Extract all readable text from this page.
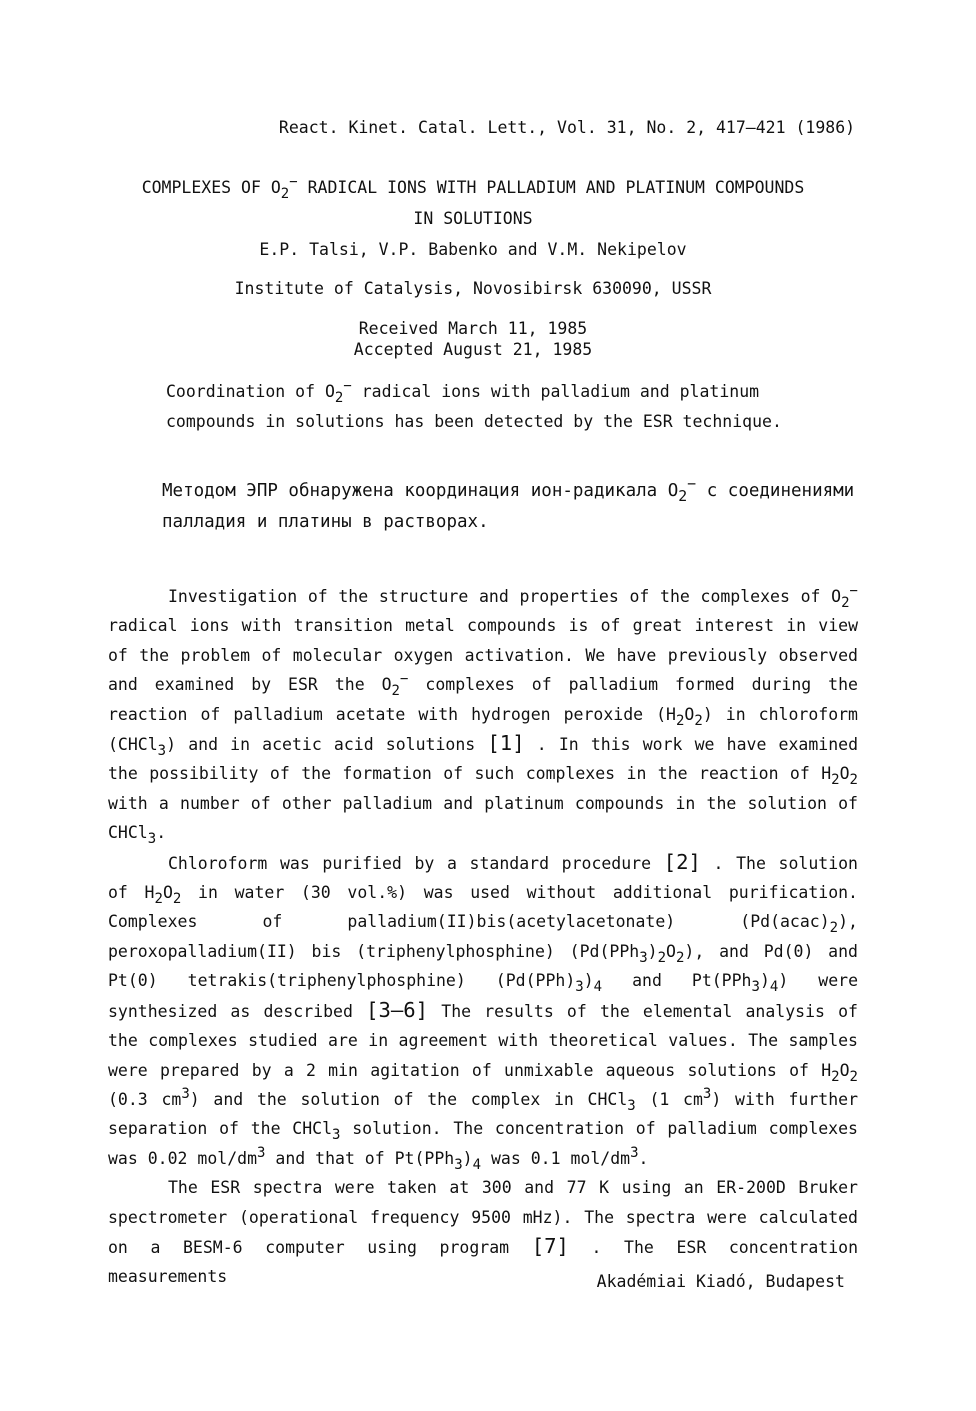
React. Kinet. Catal. Lett., Vol. 31, No. 2, 417–421 (1986)
COMPLEXES OF $O_2^-$ RADICAL IONS WITH PALLADIUM AND PLATINUM COMPOUNDS
IN SOLUTIONS
E.P. Talsi, V.P. Babenko and V.M. Nekipelov
Institute of Catalysis, Novosibirsk 630090, USSR
Received March 11, 1985
Accepted August 21, 1985
Coordination of $O_2^-$ radical ions with palladium and platinum compounds in solutions has been detected by the ESR technique.
Методом ЭПР обнаружена координация ион-радикала $O_2^-$ с соединениями палладия и платины в растворах.

Investigation of the structure and properties of the complexes of $O_2^-$ radical ions with transition metal compounds is of great interest in view of the problem of molecular oxygen activation. We have previously observed and examined by ESR the $O_2^-$ complexes of palladium formed during the reaction of palladium acetate with hydrogen peroxide $(H_2O_2)$ in chloroform (CHCl$_3$) and in acetic acid solutions [1] . In this work we have examined the possibility of the formation of such complexes in the reaction of $H_2O_2$ with a number of other palladium and platinum compounds in the solution of CHCl$_3$.

Chloroform was purified by a standard procedure [2] . The solution of $H_2O_2$ in water (30 vol.%) was used without additional purification. Complexes of palladium(II)bis(acetylacetonate) $(Pd(acac)_2)$, peroxopalladium(II) bis (triphenylphosphine) $(Pd(PPh_3)_2O_2)$, and Pd(0) and Pt(0) tetrakis(triphenylphosphine) $(Pd(PPh)_3)_4$ and $Pt(PPh_3)_4$) were synthesized as described [3–6] The results of the elemental analysis of the complexes studied are in agreement with theoretical values. The samples were prepared by a 2 min agitation of unmixable aqueous solutions of $H_2O_2$ (0.3 $cm^3$) and the solution of the complex in CHCl$_3$ (1 $cm^3$) with further separation of the CHCl$_3$ solution. The concentration of palladium complexes was 0.02 mol/$dm^3$ and that of $Pt(PPh_3)_4$ was 0.1 mol/$dm^3$.

The ESR spectra were taken at 300 and 77 K using an ER-200D Bruker spectrometer (operational frequency 9500 mHz). The spectra were calculated on a BESM-6 computer using program [7] . The ESR concentration measurements	Akadémiai Kiadó, Budapest
